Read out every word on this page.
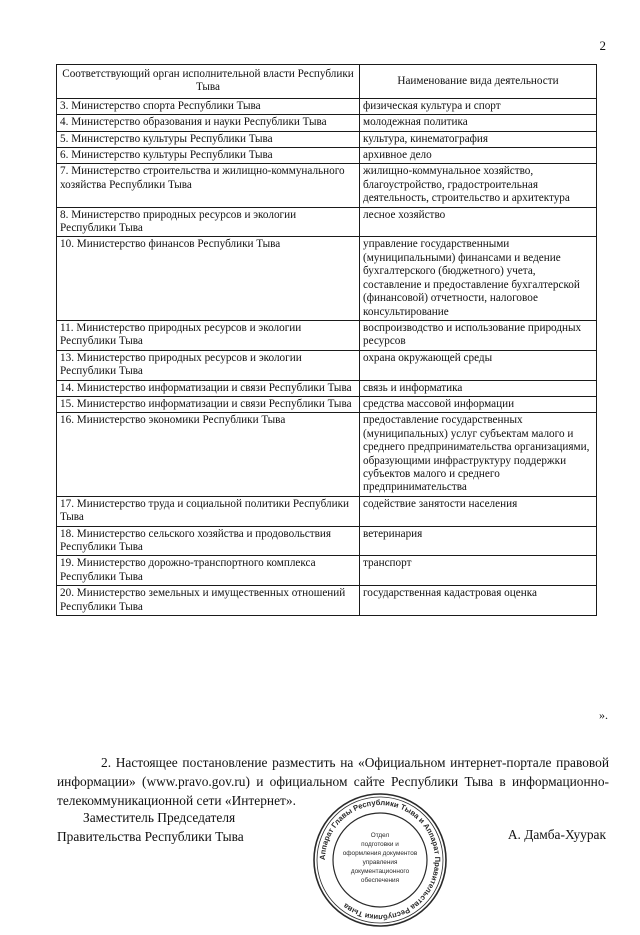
2
Соответствующий орган исполнительной власти Республики Тыва	Наименование вида деятельности
3. Министерство спорта Республики Тыва	физическая культура и спорт
4. Министерство образования и науки Республики Тыва	молодежная политика
5. Министерство культуры Республики Тыва	культура, кинематография
6. Министерство культуры Республики Тыва	архивное дело
7. Министерство строительства и жилищно-коммунального хозяйства Республики Тыва	жилищно-коммунальное хозяйство, благоустройство, градостроительная деятельность, строительство и архитектура
8. Министерство природных ресурсов и экологии Республики Тыва	лесное хозяйство
10. Министерство финансов Республики Тыва	управление государственными (муниципальными) финансами и ведение бухгалтерского (бюджетного) учета, составление и предоставление бухгалтерской (финансовой) отчетности, налоговое консультирование
11. Министерство природных ресурсов и экологии Республики Тыва	воспроизводство и использование природных ресурсов
13. Министерство природных ресурсов и экологии Республики Тыва	охрана окружающей среды
14. Министерство информатизации и связи Республики Тыва	связь и информатика
15. Министерство информатизации и связи Республики Тыва	средства массовой информации
16. Министерство экономики Республики Тыва	предоставление государственных (муниципальных) услуг субъектам малого и среднего предпринимательства организациями, образующими инфраструктуру поддержки субъектов малого и среднего предпринимательства
17. Министерство труда и социальной политики Республики Тыва	содействие занятости населения
18. Министерство сельского хозяйства и продовольствия Республики Тыва	ветеринария
19. Министерство дорожно-транспортного комплекса Республики Тыва	транспорт
20. Министерство земельных и имущественных отношений Республики Тыва	государственная кадастровая оценка
».

2. Настоящее постановление разместить на «Официальном интернет-портале правовой информации» (www.pravo.gov.ru) и официальном сайте Республики Тыва в информационно-телекоммуникационной сети «Интернет».

Заместитель Председателя
Правительства Республики Тыва
Аппарат Главы Республики Тыва и Аппарат Правительства Республики Тыва
Отдел
подготовки и
оформления документов
управления
документационного
обеспечения
А. Дамба-Хуурак
